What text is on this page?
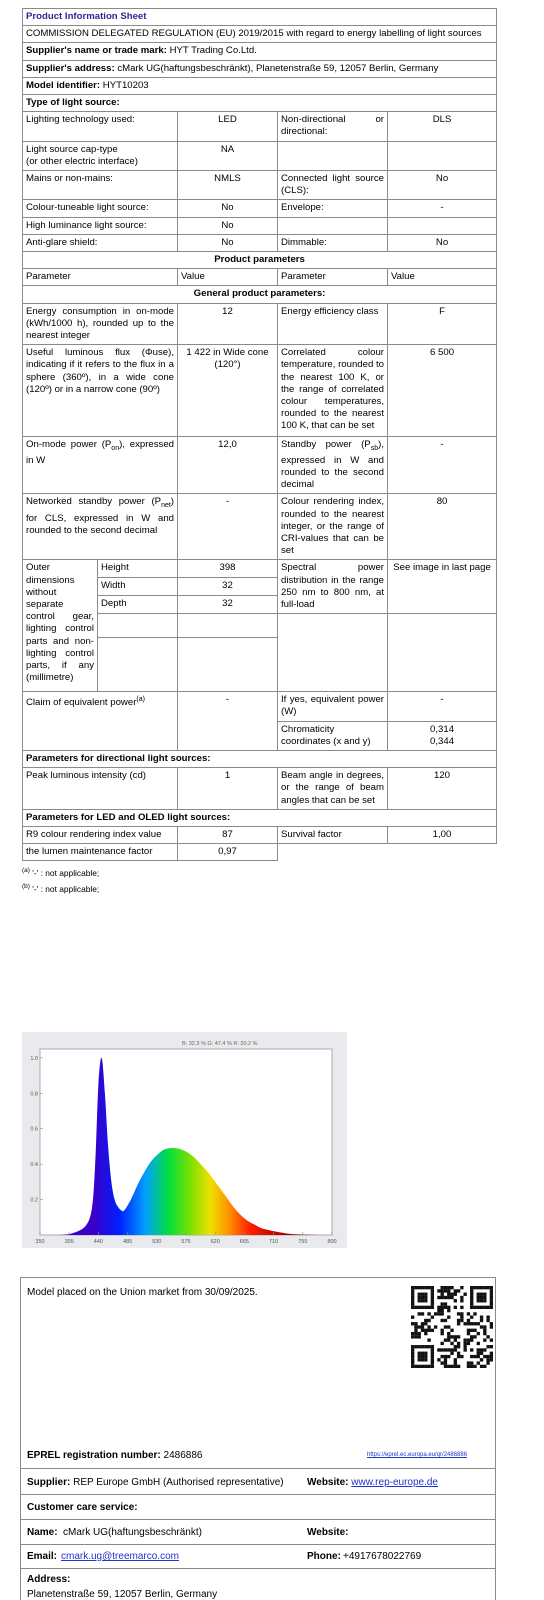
Product Information Sheet				
COMMISSION DELEGATED REGULATION (EU) 2019/2015 with regard to energy labelling of light sources				
Supplier's name or trade mark: HYT Trading Co.Ltd.				
Supplier's address: cMark UG(haftungsbeschränkt), Planetenstraße 59, 12057 Berlin, Germany				
Model identifier: HYT10203				
Type of light source:				
Lighting technology used:		LED	Non-directional or directional:	DLS
Light source cap-type
(or other electric interface)		NA		
Mains or non-mains:		NMLS	Connected light source (CLS):	No
Colour-tuneable light source:		No	Envelope:	-
High luminance light source:		No		
Anti-glare shield:		No	Dimmable:	No
Product parameters				
Parameter		Value	Parameter	Value
General product parameters:				
Energy consumption in on-mode (kWh/1000 h), rounded up to the nearest integer		12	Energy efficiency class	F
Useful luminous flux (Φuse), indicating if it refers to the flux in a sphere (360º), in a wide cone (120º) or in a narrow cone (90º)		1 422 in Wide cone (120°)	Correlated colour temperature, rounded to the nearest 100 K, or the range of correlated colour temperatures, rounded to the nearest 100 K, that can be set	6 500
On-mode power $(P_{on})$, expressed in W		12,0	Standby power $(P_{sb})$, expressed in W and rounded to the second decimal	-
Networked standby power $(P_{net})$ for CLS, expressed in W and rounded to the second decimal		-	Colour rendering index, rounded to the nearest integer, or the range of CRI-values that can be set	80
Outer dimensions without separate control gear, lighting control parts and non-lighting control parts, if any (millimetre)	Height	398	Spectral power distribution in the range 250 nm to 800 nm, at full-load	See image in last page
	Width	32		
	Depth	32		

Claim of equivalent power$^{(a)}$		-	If yes, equivalent power (W)	-
			Chromaticity coordinates (x and y)	0,314
0,344
Parameters for directional light sources:				
Peak luminous intensity (cd)		1	Beam angle in degrees, or the range of beam angles that can be set	120
Parameters for LED and OLED light sources:				
R9 colour rendering index value		87	Survival factor	1,00
the lumen maintenance factor		0,97		
$^{(a)}$ '-' : not applicable;
$^{(b)}$ '-' : not applicable;
B: 32.3 % G: 47.4 % R: 20.2 %
0.2
0.4
0.6
0.8
1.0
350	395	440	485	530	575	620	665	710	755	800
Model placed on the Union market from 30/09/2025.
EPREL registration number: 2486886	https://eprel.ec.europa.eu/qr/2486886
Supplier: REP Europe GmbH (Authorised representative) Website: www.rep-europe.de
Customer care service:
Name: cMark UG(haftungsbeschränkt)	Website:
Email: cmark.ug@treemarco.com	Phone: +4917678022769
Address:
Planetenstraße 59, 12057 Berlin, Germany
